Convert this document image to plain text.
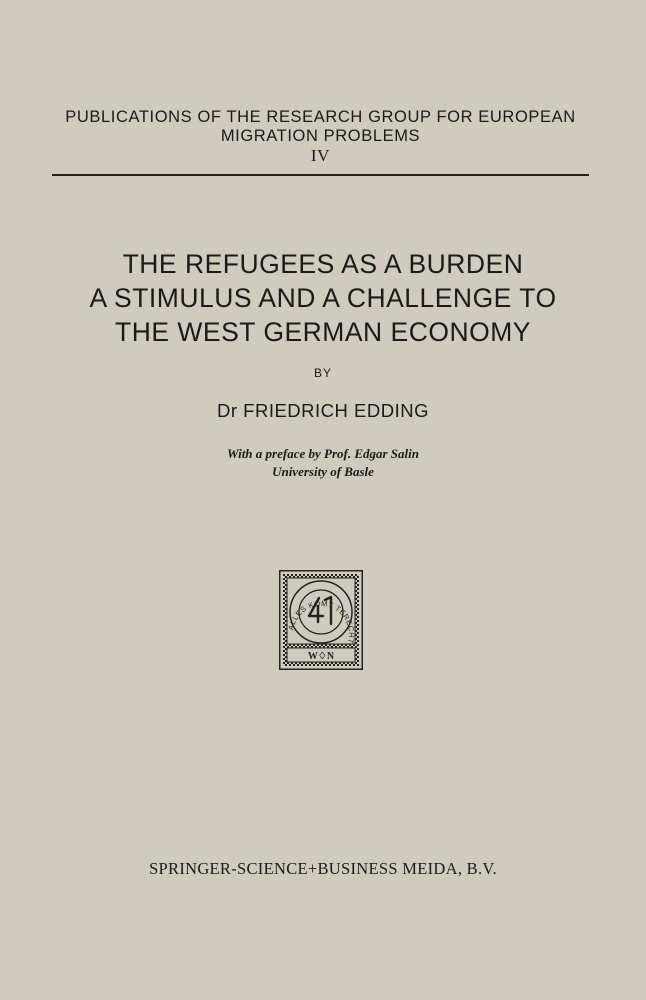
PUBLICATIONS OF THE RESEARCH GROUP FOR EUROPEAN
MIGRATION PROBLEMS
IV
THE REFUGEES AS A BURDEN
A STIMULUS AND A CHALLENGE TO
THE WEST GERMAN ECONOMY
BY
Dr FRIEDRICH EDDING
With a preface by Prof. Edgar Salin
University of Basle
ALLES KOMT TERECHT
W♢N
SPRINGER-SCIENCE+BUSINESS MEIDA, B.V.
